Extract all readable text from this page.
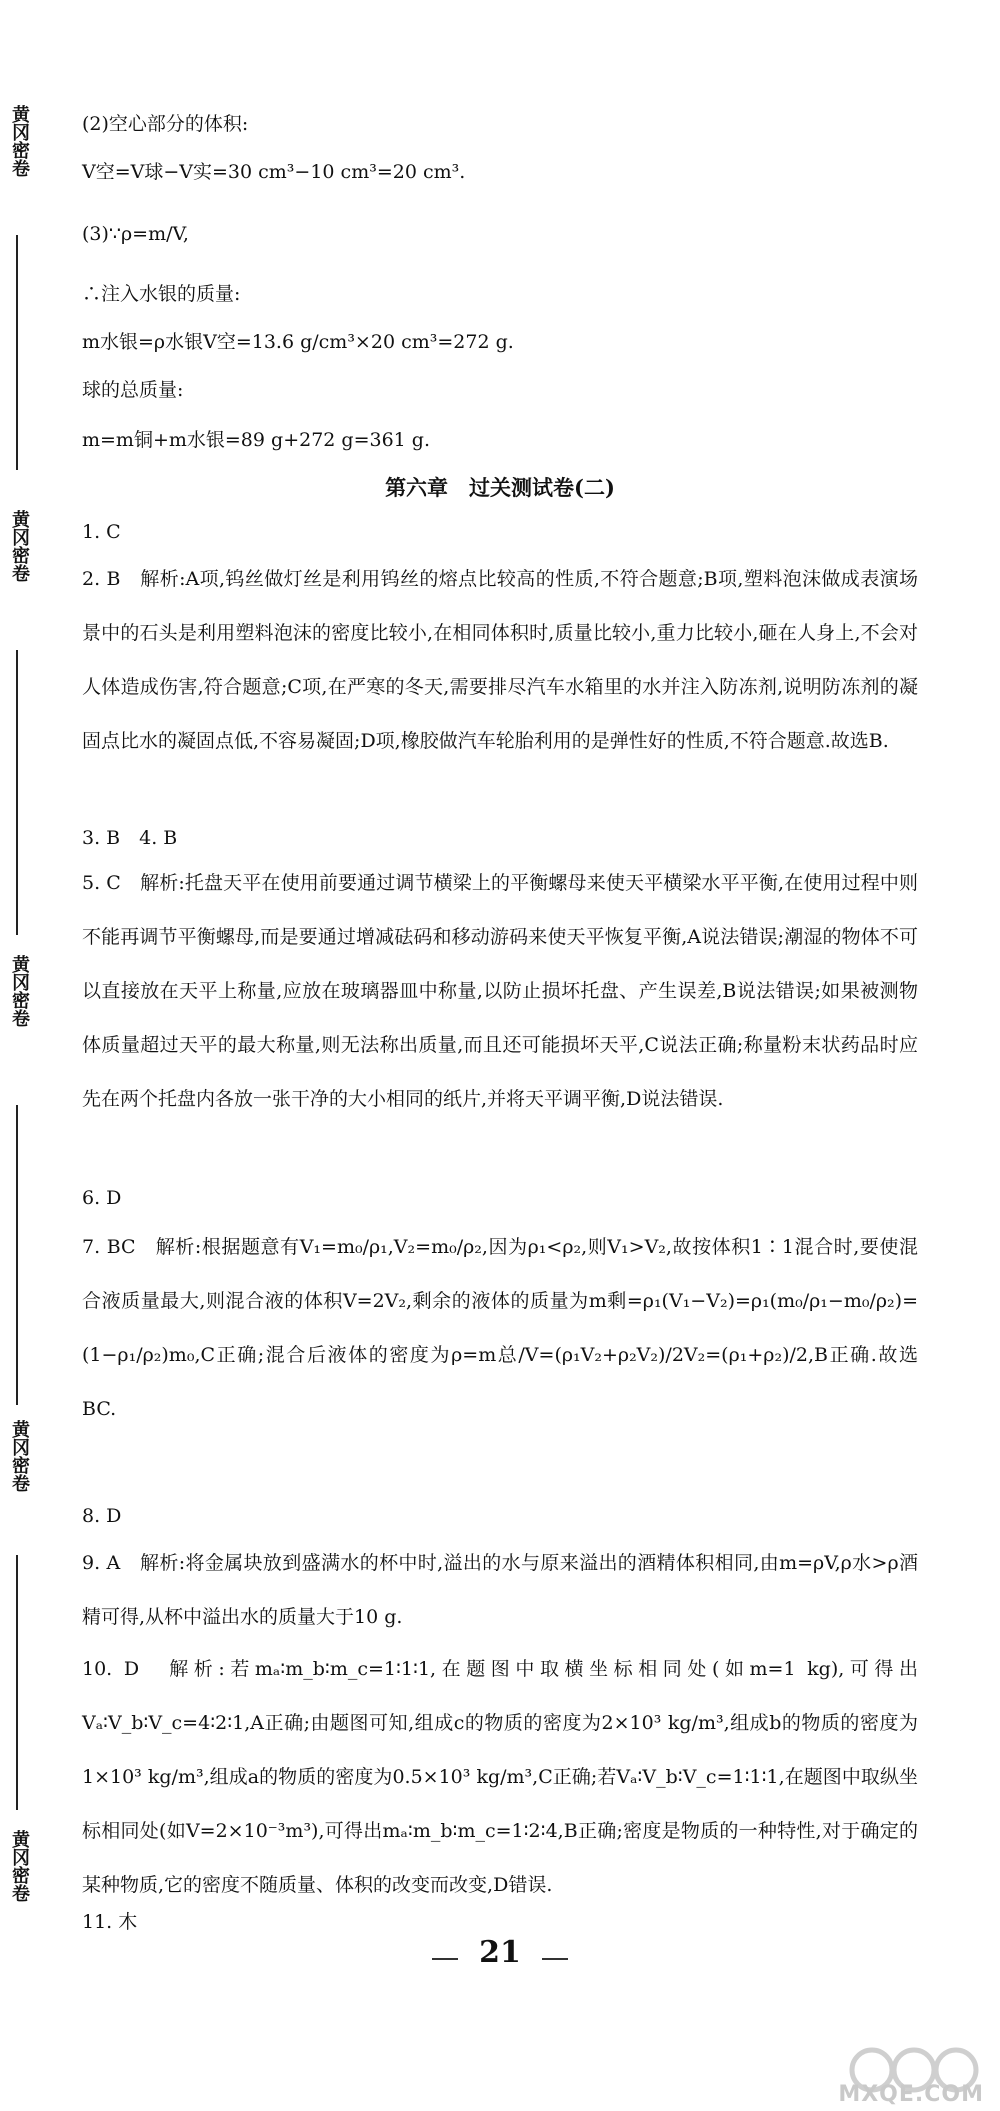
黄冈密卷
黄冈密卷
黄冈密卷
黄冈密卷
黄冈密卷
(2)空心部分的体积:
V空=V球−V实=30 cm³−10 cm³=20 cm³.
(3)∵ρ=m/V,
∴注入水银的质量:
m水银=ρ水银V空=13.6 g/cm³×20 cm³=272 g.
球的总质量:
m=m铜+m水银=89 g+272 g=361 g.
第六章　过关测试卷(二)
1. C
2. B　解析:A项,钨丝做灯丝是利用钨丝的熔点比较高的性质,不符合题意;B项,塑料泡沫做成表演场景中的石头是利用塑料泡沫的密度比较小,在相同体积时,质量比较小,重力比较小,砸在人身上,不会对人体造成伤害,符合题意;C项,在严寒的冬天,需要排尽汽车水箱里的水并注入防冻剂,说明防冻剂的凝固点比水的凝固点低,不容易凝固;D项,橡胶做汽车轮胎利用的是弹性好的性质,不符合题意.故选B.
3. B　4. B
5. C　解析:托盘天平在使用前要通过调节横梁上的平衡螺母来使天平横梁水平平衡,在使用过程中则不能再调节平衡螺母,而是要通过增减砝码和移动游码来使天平恢复平衡,A说法错误;潮湿的物体不可以直接放在天平上称量,应放在玻璃器皿中称量,以防止损坏托盘、产生误差,B说法错误;如果被测物体质量超过天平的最大称量,则无法称出质量,而且还可能损坏天平,C说法正确;称量粉末状药品时应先在两个托盘内各放一张干净的大小相同的纸片,并将天平调平衡,D说法错误.
6. D
7. BC　解析:根据题意有V₁=m₀/ρ₁,V₂=m₀/ρ₂,因为ρ₁<ρ₂,则V₁>V₂,故按体积1∶1混合时,要使混合液质量最大,则混合液的体积V=2V₂,剩余的液体的质量为m剩=ρ₁(V₁−V₂)=ρ₁(m₀/ρ₁−m₀/ρ₂)=(1−ρ₁/ρ₂)m₀,C正确;混合后液体的密度为ρ=m总/V=(ρ₁V₂+ρ₂V₂)/2V₂=(ρ₁+ρ₂)/2,B正确.故选BC.
8. D
9. A　解析:将金属块放到盛满水的杯中时,溢出的水与原来溢出的酒精体积相同,由m=ρV,ρ水>ρ酒精可得,从杯中溢出水的质量大于10 g.
10. D　解析:若mₐ∶m_b∶m_c=1∶1∶1,在题图中取横坐标相同处(如m=1 kg),可得出Vₐ∶V_b∶V_c=4∶2∶1,A正确;由题图可知,组成c的物质的密度为2×10³ kg/m³,组成b的物质的密度为1×10³ kg/m³,组成a的物质的密度为0.5×10³ kg/m³,C正确;若Vₐ∶V_b∶V_c=1∶1∶1,在题图中取纵坐标相同处(如V=2×10⁻³m³),可得出mₐ∶m_b∶m_c=1∶2∶4,B正确;密度是物质的一种特性,对于确定的某种物质,它的密度不随质量、体积的改变而改变,D错误.
11. 木
21
MXQE.COM
